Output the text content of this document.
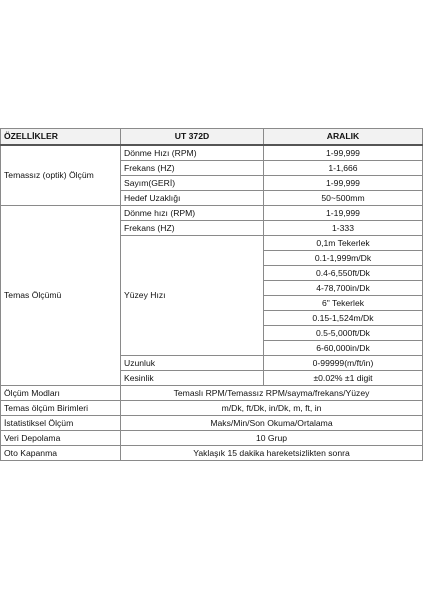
ÖZELLİKLER	UT 372D	ARALIK
Temassız (optik) Ölçüm	Dönme Hızı (RPM)	1-99,999
	Frekans (HZ)	1-1,666
	Sayım(GERİ)	1-99,999
	Hedef Uzaklığı	50~500mm
Temas Ölçümü	Dönme hızı (RPM)	1-19,999
	Frekans (HZ)	1-333
	Yüzey Hızı	0,1m Tekerlek
		0.1-1,999m/Dk
		0.4-6,550ft/Dk
		4-78,700in/Dk
		6" Tekerlek
		0.15-1,524m/Dk
		0.5-5,000ft/Dk
		6-60,000in/Dk
	Uzunluk	0-99999(m/ft/in)
	Kesinlik	±0.02% ±1 digit
Ölçüm Modları	Temaslı RPM/Temassız RPM/sayma/frekans/Yüzey	
Temas ölçüm Birimleri	m/Dk, ft/Dk, in/Dk, m, ft, in	
İstatistiksel Ölçüm	Maks/Min/Son Okuma/Ortalama	
Veri Depolama	10 Grup	
Oto Kapanma	Yaklaşık 15 dakika hareketsizlikten sonra	
